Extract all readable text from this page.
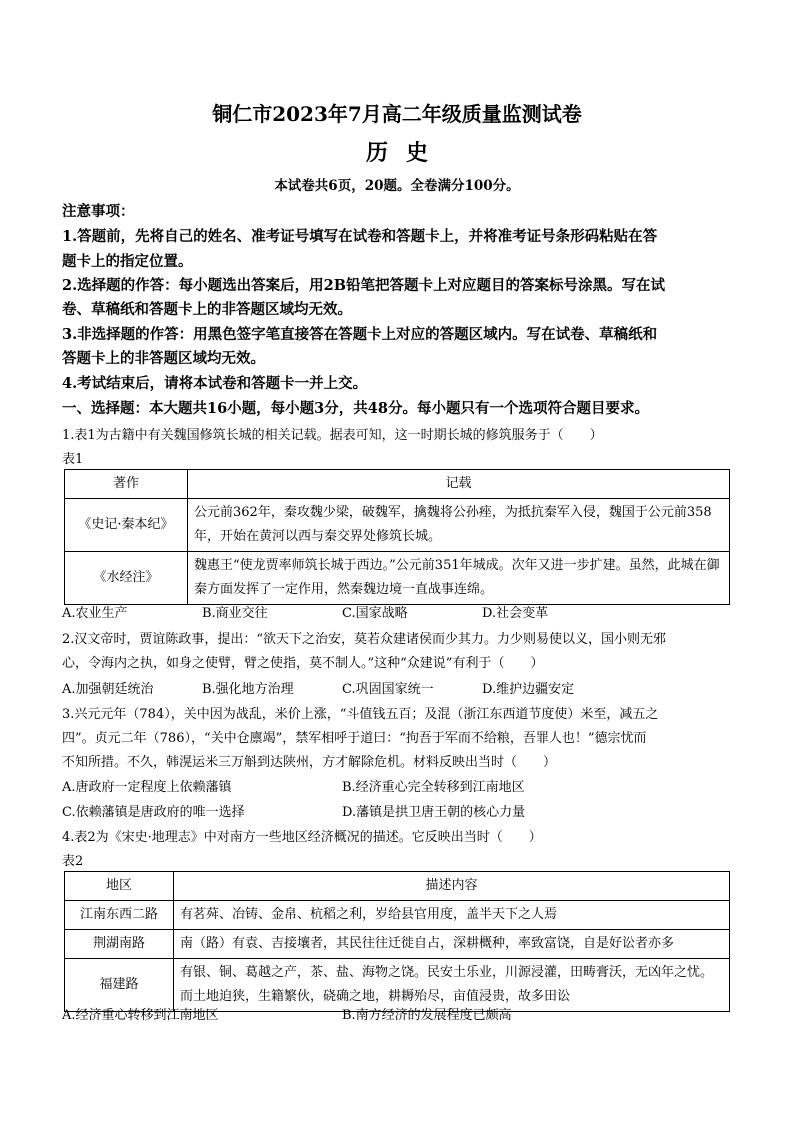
铜仁市2023年7月高二年级质量监测试卷
历史
本试卷共6页，20题。全卷满分100分。
注意事项：
1.答题前，先将自己的姓名、准考证号填写在试卷和答题卡上，并将准考证号条形码粘贴在答
题卡上的指定位置。
2.选择题的作答：每小题选出答案后，用2B铅笔把答题卡上对应题目的答案标号涂黑。写在试
卷、草稿纸和答题卡上的非答题区域均无效。
3.非选择题的作答：用黑色签字笔直接答在答题卡上对应的答题区域内。写在试卷、草稿纸和
答题卡上的非答题区域均无效。
4.考试结束后，请将本试卷和答题卡一并上交。
一、选择题：本大题共16小题，每小题3分，共48分。每小题只有一个选项符合题目要求。
1.表1为古籍中有关魏国修筑长城的相关记载。据表可知，这一时期长城的修筑服务于（　　）
表1
著作	记载
《史记·秦本纪》	公元前362年，秦攻魏少梁，破魏军，擒魏将公孙痤，为抵抗秦军入侵，魏国于公元前358年，开始在黄河以西与秦交界处修筑长城。
《水经注》	魏惠王“使龙贾率师筑长城于西边。”公元前351年城成。次年又进一步扩建。虽然，此城在御秦方面发挥了一定作用，然秦魏边境一直战事连绵。
A.农业生产	B.商业交往	C.国家战略	D.社会变革
2.汉文帝时，贾谊陈政事，提出：“欲天下之治安，莫若众建诸侯而少其力。力少则易使以义，国小则无邪
心，令海内之执，如身之使臂，臂之使指，莫不制人。”这种“众建说”有利于（　　）
A.加强朝廷统治	B.强化地方治理	C.巩固国家统一	D.维护边疆安定
3.兴元元年（784），关中因为战乱，米价上涨，“斗值钱五百；及混（浙江东西道节度使）米至，减五之
四”。贞元二年（786），“关中仓廪竭”，禁军相呼于道曰：“拘吾于军而不给粮，吾罪人也！”德宗忧而
不知所措。不久，韩滉运米三万斛到达陕州，方才解除危机。材料反映出当时（　　）
A.唐政府一定程度上依赖藩镇	B.经济重心完全转移到江南地区
C.依赖藩镇是唐政府的唯一选择	D.藩镇是拱卫唐王朝的核心力量
4.表2为《宋史·地理志》中对南方一些地区经济概况的描述。它反映出当时（　　）
表2
地区	描述内容
江南东西二路	有茗荈、冶铸、金帛、杭稻之利，岁给县官用度，盖半天下之人焉
荆湖南路	南（路）有袁、吉接壤者，其民往往迁徙自占，深耕概种，率致富饶，自是好讼者亦多
福建路	有银、铜、葛越之产，茶、盐、海物之饶。民安土乐业，川源浸灌，田畴膏沃，无凶年之忧。而土地迫狭，生籍繁伙，硗确之地，耕耨殆尽，亩值浸贵，故多田讼
A.经济重心转移到江南地区	B.南方经济的发展程度已颇高
